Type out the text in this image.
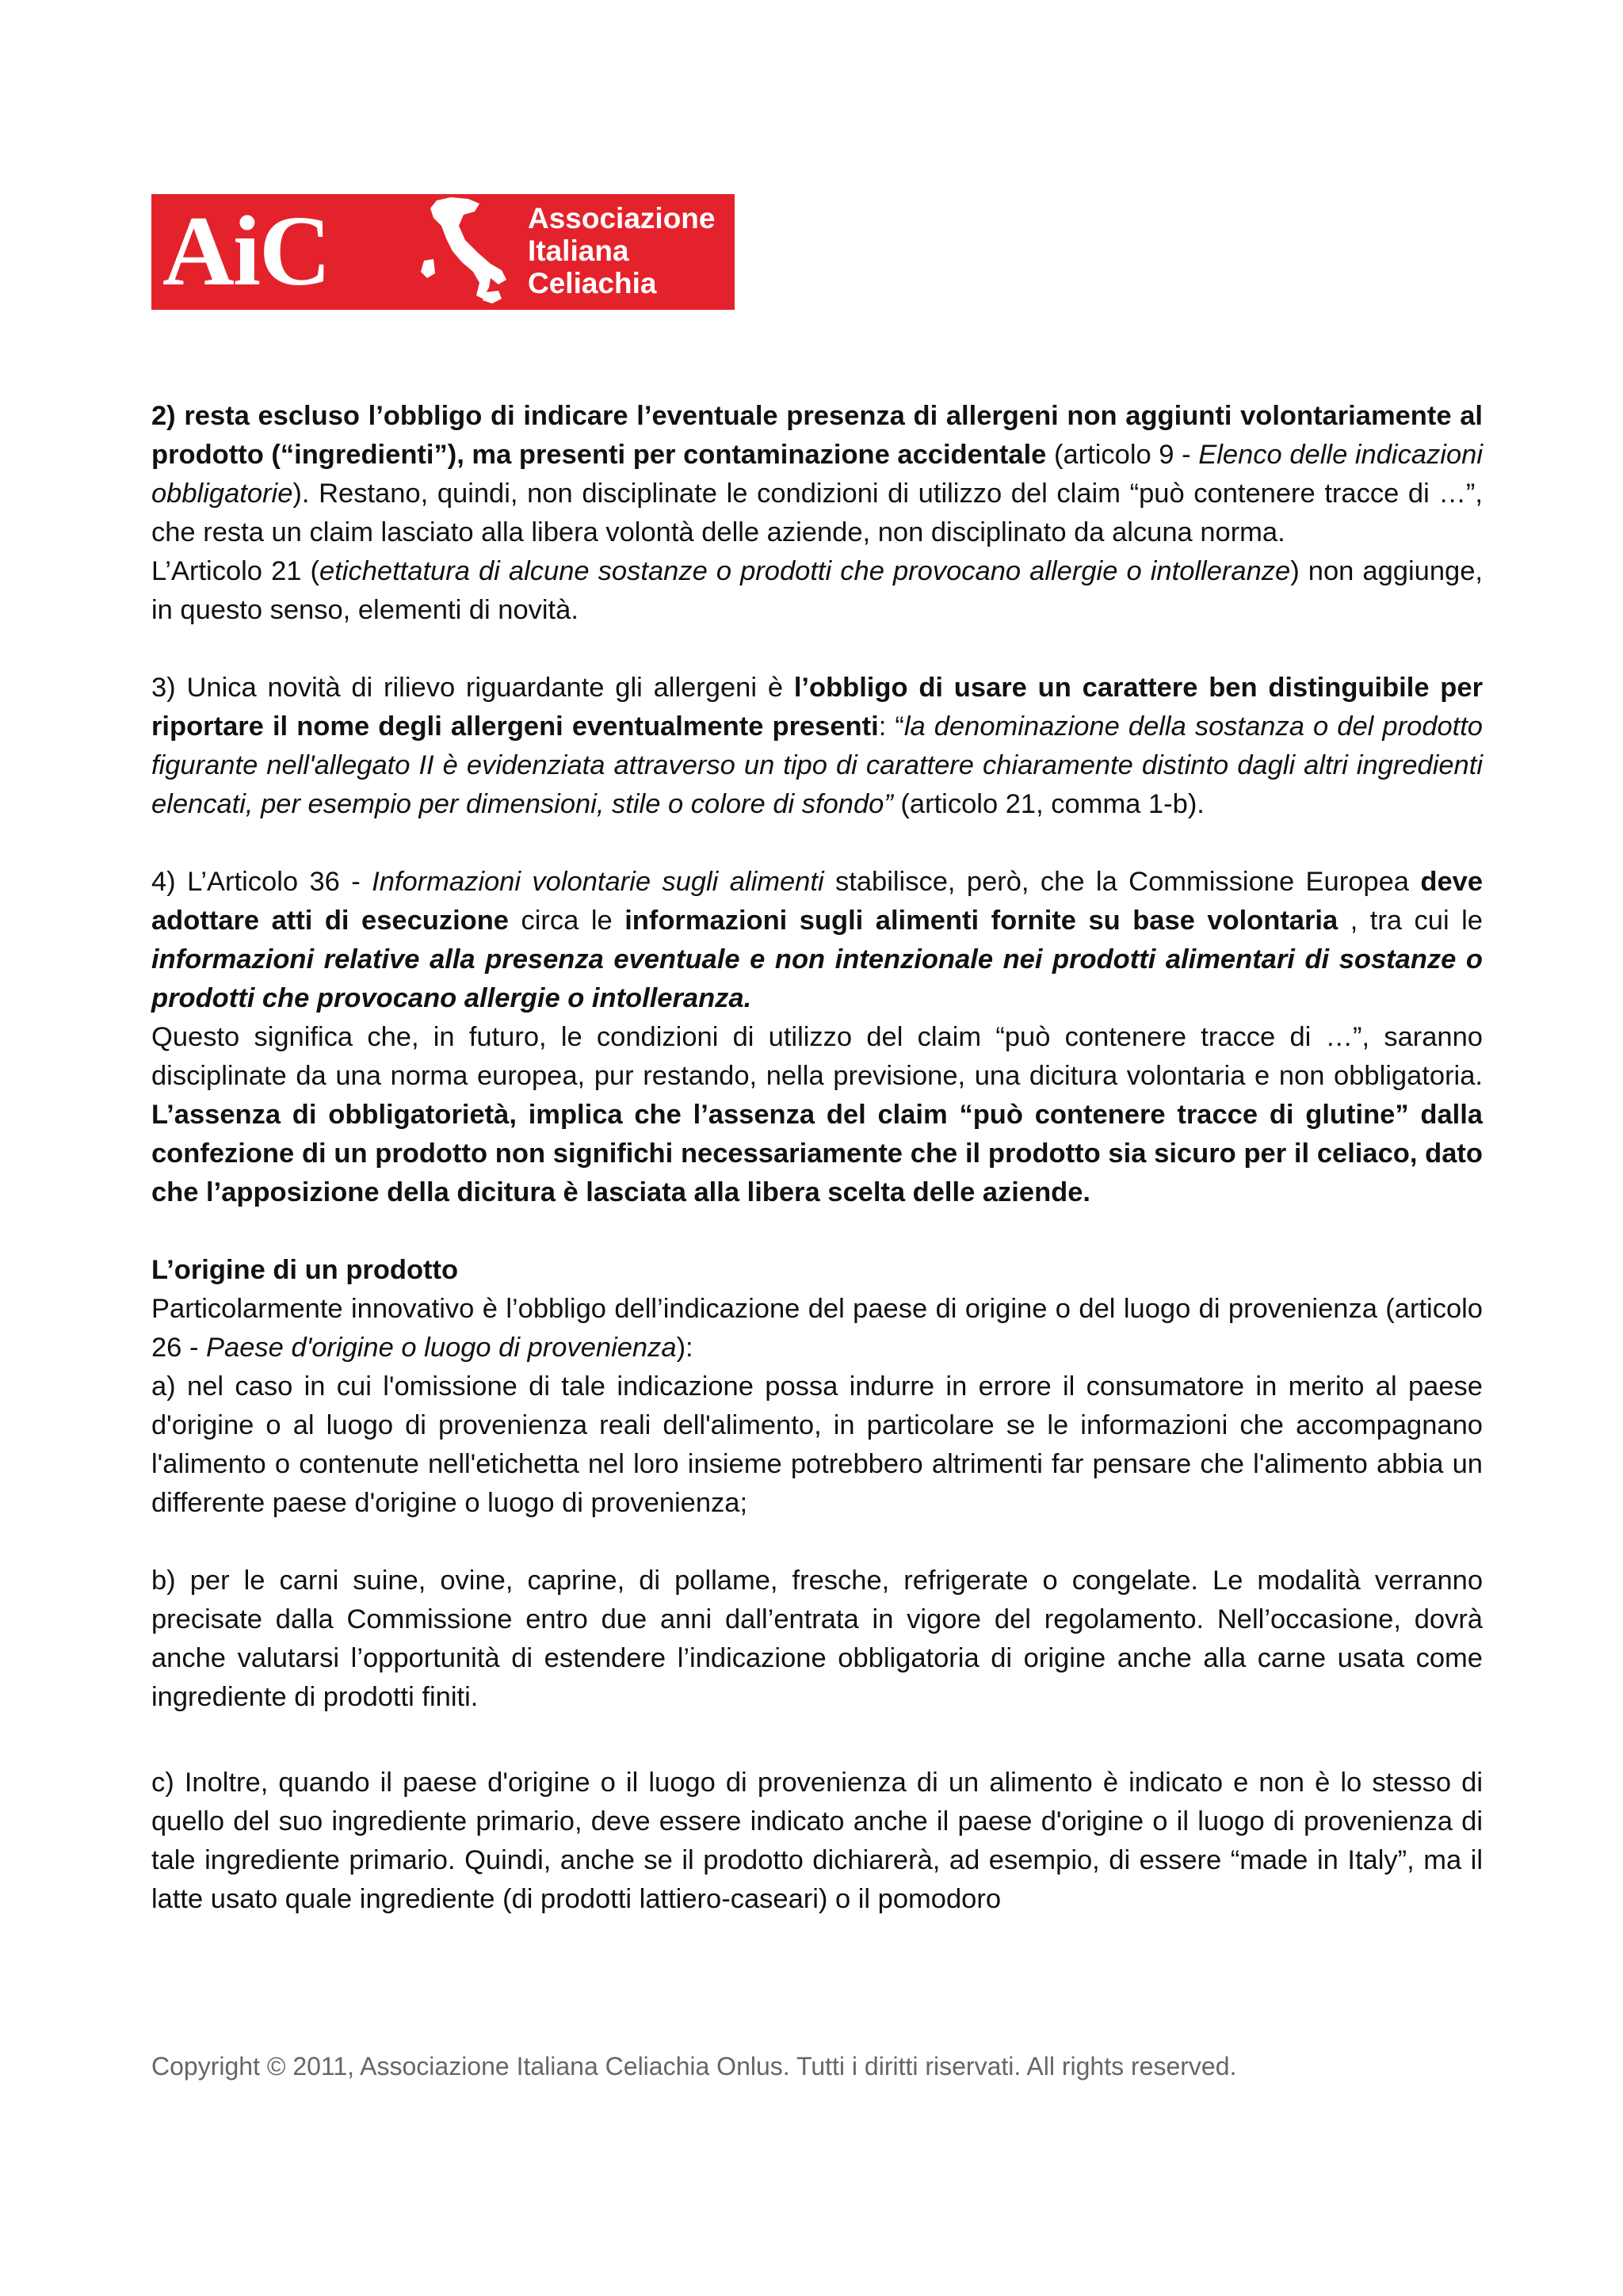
AiC	Associazione
Italiana
Celiachia

2) resta escluso l’obbligo di indicare l’eventuale presenza di allergeni non aggiunti volontariamente al prodotto (“ingredienti”), ma presenti per contaminazione accidentale (articolo 9 - Elenco delle indicazioni obbligatorie). Restano, quindi, non disciplinate le condizioni di utilizzo del claim “può contenere tracce di …”, che resta un claim lasciato alla libera volontà delle aziende, non disciplinato da alcuna norma.

L’Articolo 21 (etichettatura di alcune sostanze o prodotti che provocano allergie o intolleranze) non aggiunge, in questo senso, elementi di novità.

3) Unica novità di rilievo riguardante gli allergeni è l’obbligo di usare un carattere ben distinguibile per riportare il nome degli allergeni eventualmente presenti: “la denominazione della sostanza o del prodotto figurante nell'allegato II è evidenziata attraverso un tipo di carattere chiaramente distinto dagli altri ingredienti elencati, per esempio per dimensioni, stile o colore di sfondo” (articolo 21, comma 1-b).

4) L’Articolo 36 - Informazioni volontarie sugli alimenti stabilisce, però, che la Commissione Europea deve adottare atti di esecuzione circa le informazioni sugli alimenti fornite su base volontaria , tra cui le informazioni relative alla presenza eventuale e non intenzionale nei prodotti alimentari di sostanze o prodotti che provocano allergie o intolleranza.

Questo significa che, in futuro, le condizioni di utilizzo del claim “può contenere tracce di …”, saranno disciplinate da una norma europea, pur restando, nella previsione, una dicitura volontaria e non obbligatoria. L’assenza di obbligatorietà, implica che l’assenza del claim “può contenere tracce di glutine” dalla confezione di un prodotto non significhi necessariamente che il prodotto sia sicuro per il celiaco, dato che l’apposizione della dicitura è lasciata alla libera scelta delle aziende.

L’origine di un prodotto

Particolarmente innovativo è l’obbligo dell’indicazione del paese di origine o del luogo di provenienza (articolo 26 - Paese d'origine o luogo di provenienza):

a) nel caso in cui l'omissione di tale indicazione possa indurre in errore il consumatore in merito al paese d'origine o al luogo di provenienza reali dell'alimento, in particolare se le informazioni che accompagnano l'alimento o contenute nell'etichetta nel loro insieme potrebbero altrimenti far pensare che l'alimento abbia un differente paese d'origine o luogo di provenienza;

b) per le carni suine, ovine, caprine, di pollame, fresche, refrigerate o congelate. Le modalità verranno precisate dalla Commissione entro due anni dall’entrata in vigore del regolamento. Nell’occasione, dovrà anche valutarsi l’opportunità di estendere l’indicazione obbligatoria di origine anche alla carne usata come ingrediente di prodotti finiti.

c) Inoltre, quando il paese d'origine o il luogo di provenienza di un alimento è indicato e non è lo stesso di quello del suo ingrediente primario, deve essere indicato anche il paese d'origine o il luogo di provenienza di tale ingrediente primario. Quindi, anche se il prodotto dichiarerà, ad esempio, di essere “made in Italy”, ma il latte usato quale ingrediente (di prodotti lattiero-caseari) o il pomodoro

Copyright © 2011, Associazione Italiana Celiachia Onlus. Tutti i diritti riservati. All rights reserved.
